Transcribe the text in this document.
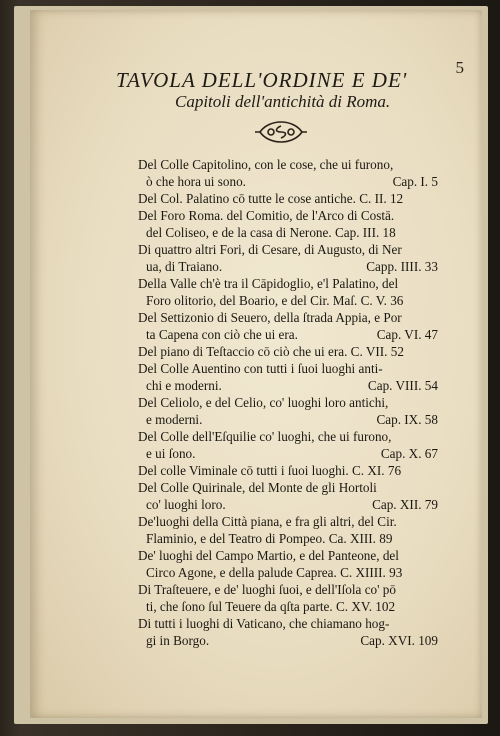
5
TAVOLA DELL'ORDINE E DE'
Capitoli dell'antichità di Roma.
Del Colle Capitolino, con le cose, che ui furono,
ò che hora ui sono.	Cap. I. 5
Del Col. Palatino cō tutte le cose antiche. C. II. 12
Del Foro Roma. del Comitio, de l'Arco di Costā.
del Coliseo, e de la casa di Nerone. Cap. III. 18
Di quattro altri Fori, di Cesare, di Augusto, di Ner
ua, di Traiano.	Capp. IIII. 33
Della Valle ch'è tra il Cāpidoglio, e'l Palatino, del
Foro olitorio, del Boario, e del Cir. Maſ. C. V. 36
Del Settizonio di Seuero, della ſtrada Appia, e Por
ta Capena con ciò che ui era.	Cap. VI. 47
Del piano di Teſtaccio cō ciò che ui era. C. VII. 52
Del Colle Auentino con tutti i ſuoi luoghi anti-
chi e moderni.	Cap. VIII. 54
Del Celiolo, e del Celio, co' luoghi loro antichi,
e moderni.	Cap. IX. 58
Del Colle dell'Eſquilie co' luoghi, che ui furono,
e ui ſono.	Cap. X. 67
Del colle Viminale cō tutti i ſuoi luoghi. C. XI. 76
Del Colle Quirinale, del Monte de gli Hortoli
co' luoghi loro.	Cap. XII. 79
De'luoghi della Città piana, e fra gli altri, del Cir.
Flaminio, e del Teatro di Pompeo. Ca. XIII. 89
De' luoghi del Campo Martio, e del Panteone, del
Circo Agone, e della palude Caprea. C. XIIII. 93
Di Traſteuere, e de' luoghi ſuoi, e dell'Iſola co' pō
ti, che ſono ſul Teuere da qſta parte. C. XV. 102
Di tutti i luoghi di Vaticano, che chiamano hog-
gi in Borgo.	Cap. XVI. 109
